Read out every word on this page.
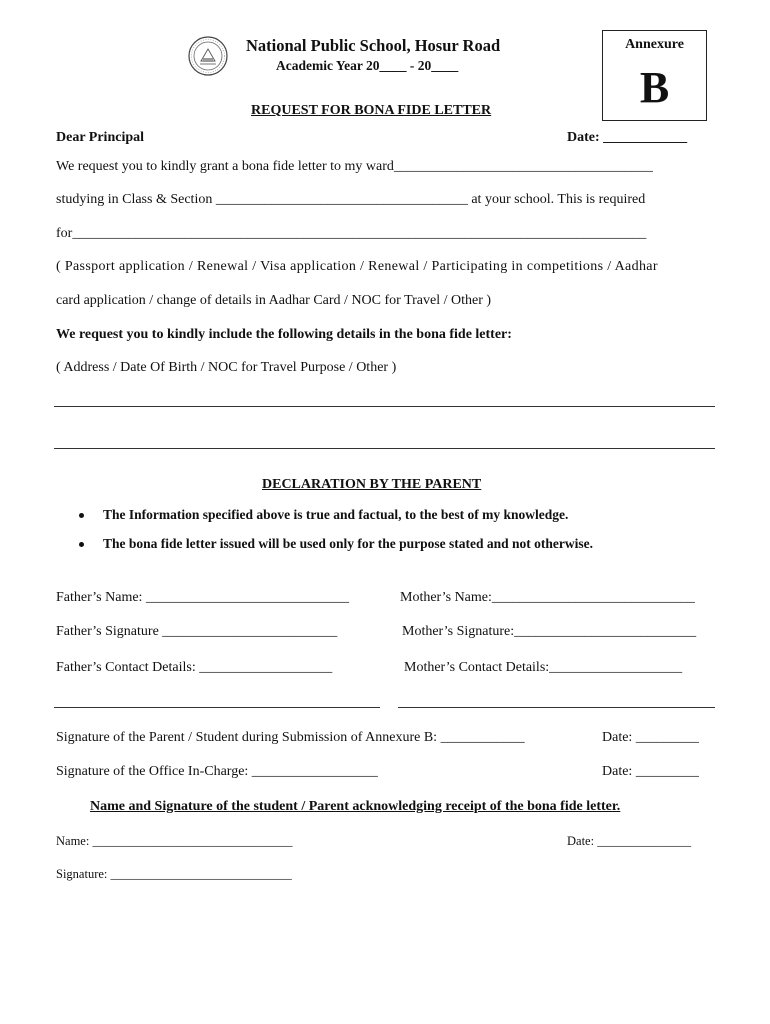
National Public School, Hosur Road
Academic Year 20____ - 20____
Annexure
B
REQUEST FOR BONA FIDE LETTER
Dear Principal	Date: ____________
We request you to kindly grant a bona fide letter to my ward_____________________________________
studying in Class & Section ____________________________________ at your school. This is required
for__________________________________________________________________________________
( Passport application / Renewal / Visa application / Renewal / Participating in competitions / Aadhar
card application / change of details in Aadhar Card / NOC for Travel / Other )
We request you to kindly include the following details in the bona fide letter:
( Address / Date Of Birth / NOC for Travel Purpose / Other )
DECLARATION BY THE PARENT
The Information specified above is true and factual, to the best of my knowledge.
The bona fide letter issued will be used only for the purpose stated and not otherwise.
Father’s Name: _____________________________	Mother’s Name:_____________________________
Father’s Signature _________________________	Mother’s Signature:__________________________
Father’s Contact Details: ___________________	Mother’s Contact Details:___________________
Signature of the Parent / Student during Submission of Annexure B: ____________	Date: _________
Signature of the Office In-Charge: __________________	Date: _________
Name and Signature of the student / Parent acknowledging receipt of the bona fide letter.
Name: ________________________________	Date: _______________
Signature: _____________________________
